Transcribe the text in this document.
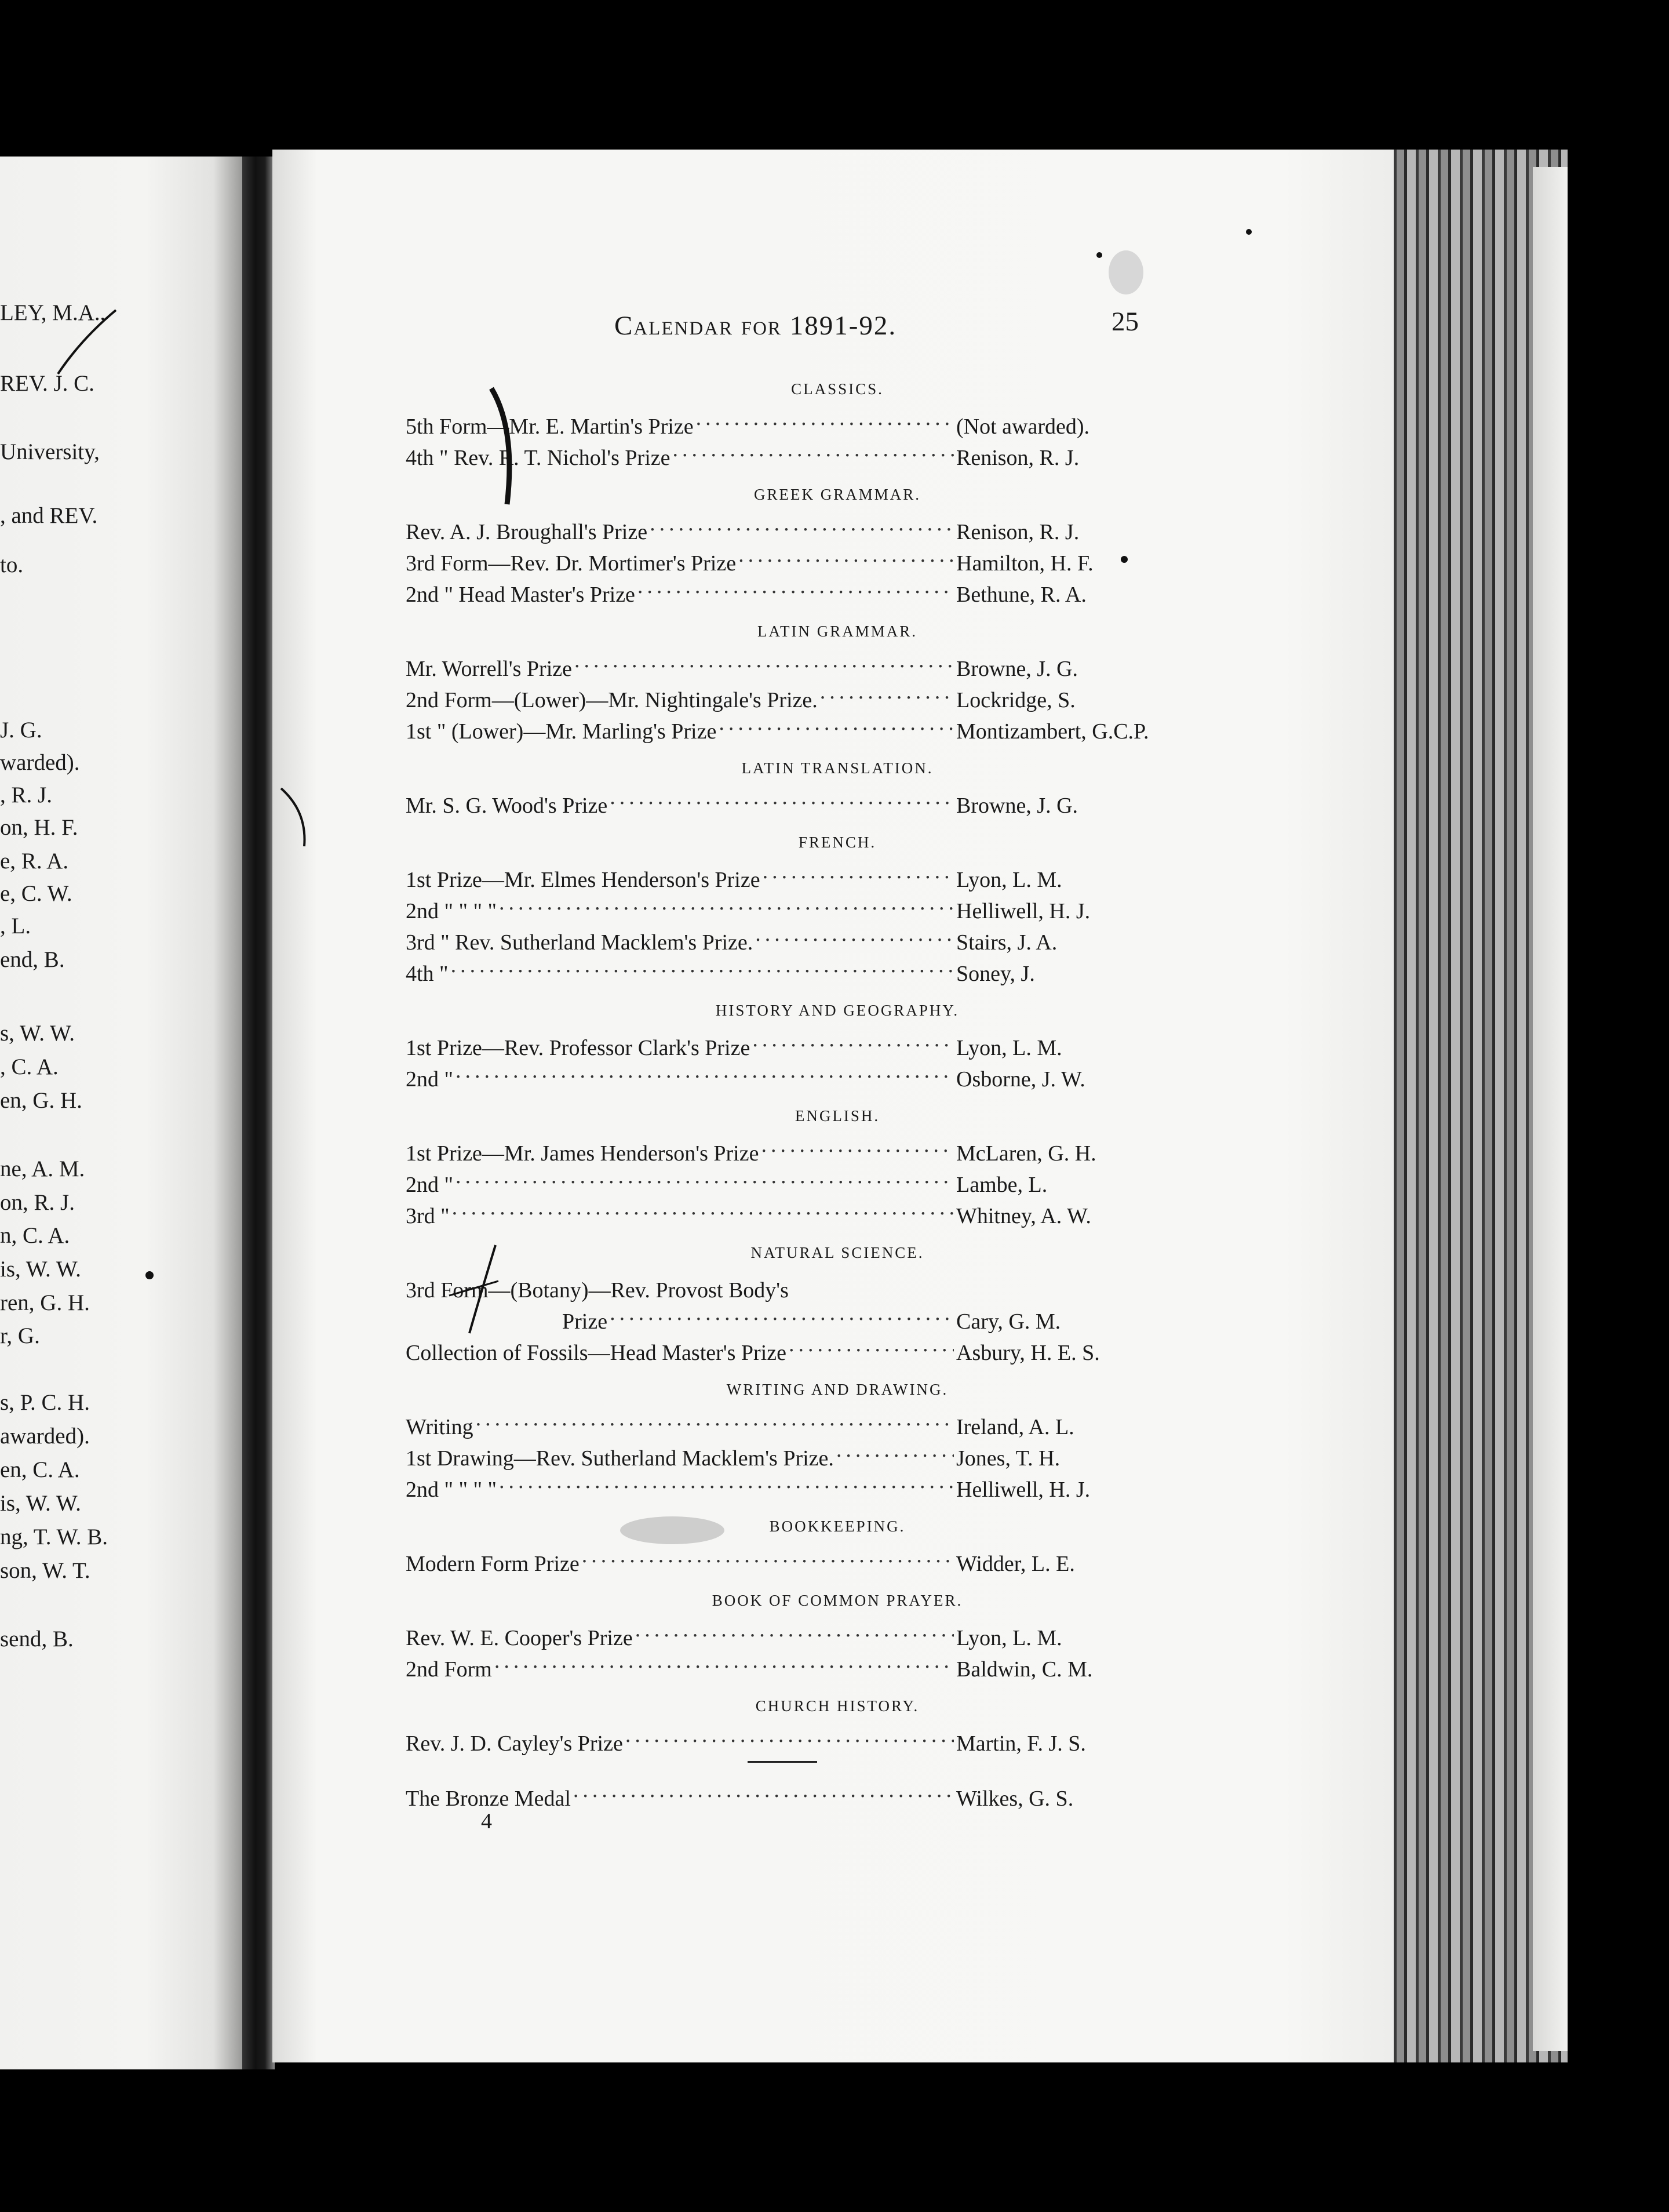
LEY, M.A.,

REV. J. C.

University,

, and REV.

to.

J. G.

warded).

, R. J.

on, H. F.

e, R. A.

e, C. W.

, L.

end, B.

s, W. W.

, C. A.

en, G. H.

ne, A. M.

on, R. J.

n, C. A.

is, W. W.

ren, G. H.

r, G.

s, P. C. H.

awarded).

en, C. A.

is, W. W.

ng, T. W. B.

son, W. T.

send, B.

Calendar for 1891-92.	25

CLASSICS.

5th Form—Mr. E. Martin's Prize .....	(Not awarded).
4th " Rev. R. T. Nichol's Prize .....	Renison, R. J.

GREEK GRAMMAR.

Rev. A. J. Broughall's Prize .....	Renison, R. J.
3rd Form—Rev. Dr. Mortimer's Prize .....	Hamilton, H. F.
2nd " Head Master's Prize .....	Bethune, R. A.

LATIN GRAMMAR.

Mr. Worrell's Prize .....	Browne, J. G.
2nd Form—(Lower)—Mr. Nightingale's Prize. .....	Lockridge, S.
1st " (Lower)—Mr. Marling's Prize .....	Montizambert, G.C.P.

LATIN TRANSLATION.

Mr. S. G. Wood's Prize .....	Browne, J. G.

FRENCH.

1st Prize—Mr. Elmes Henderson's Prize .....	Lyon, L. M.
2nd " " " " .....	Helliwell, H. J.
3rd " Rev. Sutherland Macklem's Prize. .....	Stairs, J. A.
4th " .....	Soney, J.

HISTORY AND GEOGRAPHY.

1st Prize—Rev. Professor Clark's Prize .....	Lyon, L. M.
2nd " .....	Osborne, J. W.

ENGLISH.

1st Prize—Mr. James Henderson's Prize .....	McLaren, G. H.
2nd " .....	Lambe, L.
3rd " .....	Whitney, A. W.

NATURAL SCIENCE.

3rd Form—(Botany)—Rev. Provost Body's
Prize .....	Cary, G. M.
Collection of Fossils—Head Master's Prize .....	Asbury, H. E. S.

WRITING AND DRAWING.

Writing .....	Ireland, A. L.
1st Drawing—Rev. Sutherland Macklem's Prize. .....	Jones, T. H.
2nd " " " " .....	Helliwell, H. J.

BOOKKEEPING.

Modern Form Prize .....	Widder, L. E.

BOOK OF COMMON PRAYER.

Rev. W. E. Cooper's Prize .....	Lyon, L. M.
2nd Form .....	Baldwin, C. M.

CHURCH HISTORY.

Rev. J. D. Cayley's Prize .....	Martin, F. J. S.
The Bronze Medal .....	Wilkes, G. S.

4
